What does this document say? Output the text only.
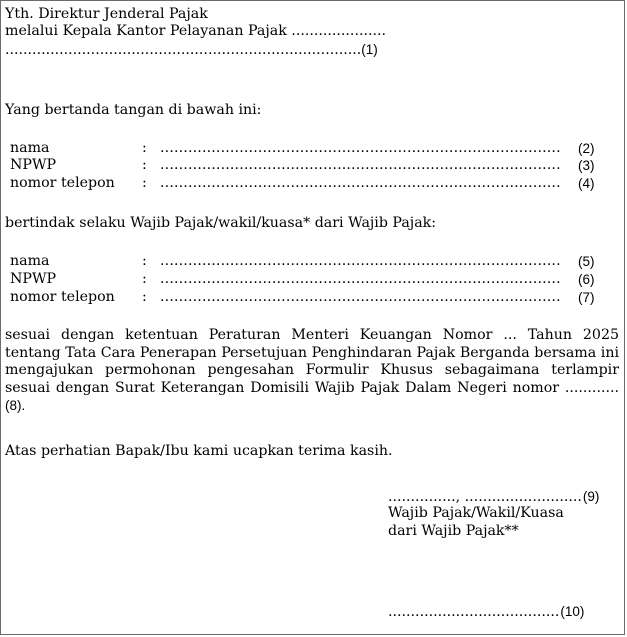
Yth. Direktur Jenderal Pajak
melalui Kepala Kantor Pelayanan Pajak .....................
...............................................................................(1)
Yang bertanda tangan di bawah ini:
nama	: ...................................................................................... (2)
NPWP	: ...................................................................................... (3)
nomor telepon : ...................................................................................... (4)
bertindak selaku Wajib Pajak/wakil/kuasa* dari Wajib Pajak:
nama	: ...................................................................................... (5)
NPWP	: ...................................................................................... (6)
nomor telepon : ...................................................................................... (7)
sesuai dengan ketentuan Peraturan Menteri Keuangan Nomor ... Tahun 2025 tentang Tata Cara Penerapan Persetujuan Penghindaran Pajak Berganda bersama ini mengajukan permohonan pengesahan Formulir Khusus sebagaimana terlampir sesuai dengan Surat Keterangan Domisili Wajib Pajak Dalam Negeri nomor ............(8).
Atas perhatian Bapak/Ibu kami ucapkan terima kasih.
..............., ..........................(9)
Wajib Pajak/Wakil/Kuasa
dari Wajib Pajak**
......................................(10)
